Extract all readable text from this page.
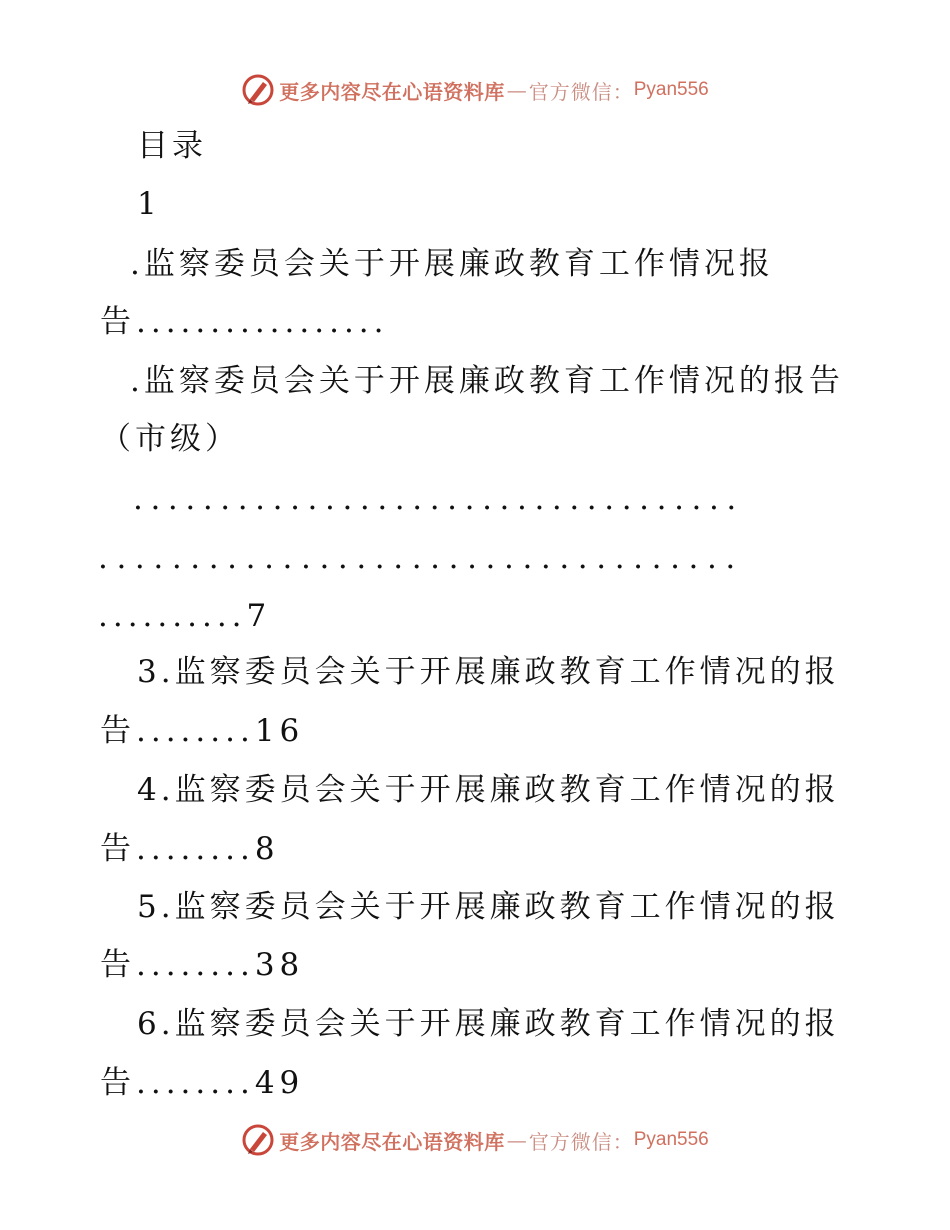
更多内容尽在心语资料库 — 官方微信： Pyan556
目录
1
.监察委员会关于开展廉政教育工作情况报
告.................
.监察委员会关于开展廉政教育工作情况的报告
（市级）
...................................
...................................
..........7
3.监察委员会关于开展廉政教育工作情况的报
告........16
4.监察委员会关于开展廉政教育工作情况的报
告........8
5.监察委员会关于开展廉政教育工作情况的报
告........38
6.监察委员会关于开展廉政教育工作情况的报
告........49
更多内容尽在心语资料库 — 官方微信： Pyan556
